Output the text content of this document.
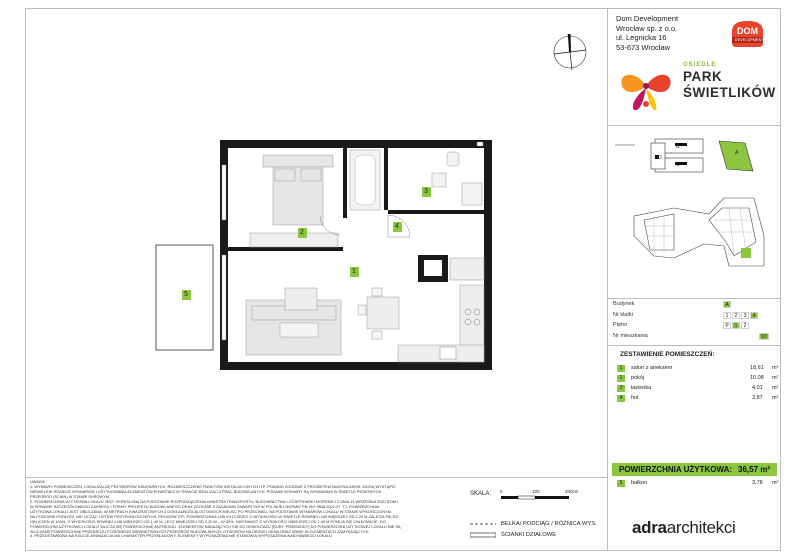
1
2
3
4
5
Dom Development
Wrocław sp. z o.o.
ul. Legnicka 16
53-673 Wrocław
DOM
DEVELOPMENT
OSIEDLE
PARK
ŚWIETLIKÓW
B
C
D
A
Budynek	A
Nr klatki	1	2	3	4
Piętro	P	1	2
Nr mieszkania	93
ZESTAWIENIE POMIESZCZEŃ:
1	salon z aneksem	18,61 m²
2	pokój	10,08 m²
3	łazienka	4,01 m²
4	hol	3,87 m²
POWIERZCHNIA UŻYTKOWA: 36,57 m²
5	balkon	3,78 m²

UWAGA:

1. WYMIARY POMIESZCZEŃ, LOKALIZACJĘ PRZYBORÓW SANITARNYCH, ROZMIESZCZENIE PUNKTÓW INSTALACYJNYCH ITP. PODANO ZGODNIE Z PROJEKTEM BUDOWLANYM. MOGĄ WYSTĄPIĆ

NIEWIELKIE RÓŻNICE WYMIARÓW I USYTUOWANIA ELEMENTÓW POWSTAŁE W TRAKCIE REALIZACJI PRAC BUDOWLANYCH. PODANE WYMIARY SĄ WYMIARAMI W ŚWIETLE PIONOWYCH

PRZEGRÓD (ŚCIAN) W STANIE SUROWYM.

2. POWIERZCHNIA UŻYTKOWA LOKALU JEST OKREŚLONA NA PODSTAWIE ROZPORZĄDZENIA MINISTRA TRANSPORTU, BUDOWNICTWA I GOSPODARKI MORSKIEJ Z DNIA 11 WRZEŚNIA 2020 ROKU

W SPRAWIE SZCZEGÓŁOWEGO ZAKRESU I FORMY PROJEKTU BUDOWLANEGO ORAZ ZGODNIE Z ZASADAMI ZAWARTYMI W POLSKIEJ NORMIE PN-ISO 9836:2022-07. TJ. POWIERZCHNIA

UŻYTKOWA LOKALU JEST OBLICZANA: W METRACH KWADRATOWYCH Z DOKŁADNOŚCIĄ DO DWÓCH MIEJSC PO PRZECINKU, NA PODSTAWIE WYMIARÓW LOKALU W STANIE WYKOŃCZONYM,

NA POZIOMIE PODŁOGI, NIE LICZĄC LISTEW PRZYPODŁOGOWYCH, PROGÓW ITP.; POWIERZCHNIA LUB ICH CZĘŚCI O WYSOKOŚCI W ŚWIETLE RÓWNEJ LUB WIĘKSZEJ OD 2,20 M ZALICZA SIĘ DO

OBLICZEŃ W 100%, O WYSOKOŚCI RÓWNEJ LUB WIĘKSZEJ OD 1,40 M, LECZ MNIEJSZEJ OD 2,20 M – W 50%, NATOMIAST O WYSOKOŚCI MNIEJSZEJ OD 1,40 M POMIJA SIĘ CAŁKOWICIE. DO

POWIERZCHNI UŻYTKOWEJ LOKALU WLICZA SIĘ POWIERZCHNIĘ ANTRESOLI. ELEMENTÓW NADAJĄCYCH SIĘ DO DEMONTAŻU (RURY, PRZEWODY) DO POWIERZCHNI UŻYTKOWEJ LOKALU NIE SĄ

WLICZANE POWIERZCHNIE PRZEKROJU POZIOMEGO WEWNĘTRZNYCH PRZEGRÓD BUDOWLANYCH, OTWORÓW NA DRZWI I OKNA ORAZ WNĘK W ELEMENTACH ZAMYKAJĄCYCH

3. PRZEDSTAWIONA NA RZUCIE ARANŻACJA MA CHARAKTER PRZYKŁADOWY, ELEMENTY WYPOSAŻENIA NIE STANOWIĄ WYPOSAŻENIA NABYWANEGO LOKALU

SKALA: 0	100	200cm
BELKA/ PODCIĄG / RÓŻNICA WYS.
ŚCIANKI DZIAŁOWE	adraarchitekci
